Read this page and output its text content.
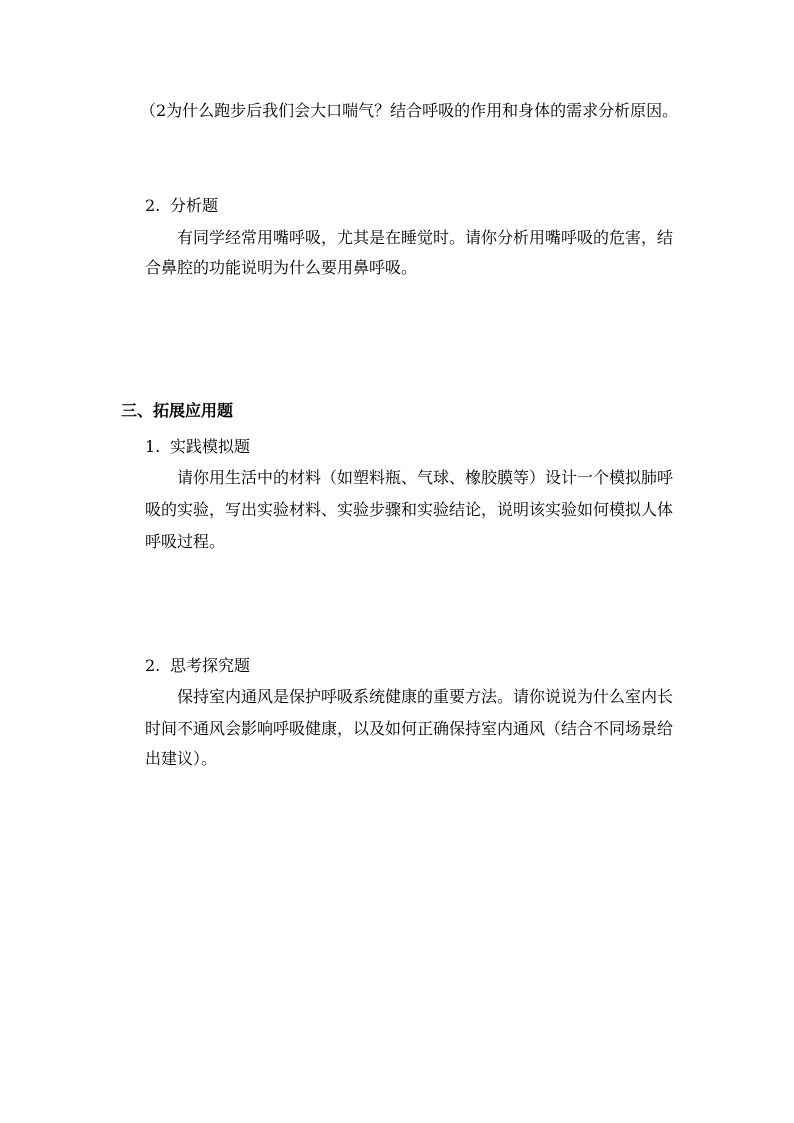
（2为什么跑步后我们会大口喘气？结合呼吸的作用和身体的需求分析原因。
2. 分析题
有同学经常用嘴呼吸，尤其是在睡觉时。请你分析用嘴呼吸的危害，结
合鼻腔的功能说明为什么要用鼻呼吸。
三、拓展应用题
1. 实践模拟题
请你用生活中的材料（如塑料瓶、气球、橡胶膜等）设计一个模拟肺呼
吸的实验，写出实验材料、实验步骤和实验结论，说明该实验如何模拟人体
呼吸过程。
2. 思考探究题
保持室内通风是保护呼吸系统健康的重要方法。请你说说为什么室内长
时间不通风会影响呼吸健康，以及如何正确保持室内通风（结合不同场景给
出建议）。
